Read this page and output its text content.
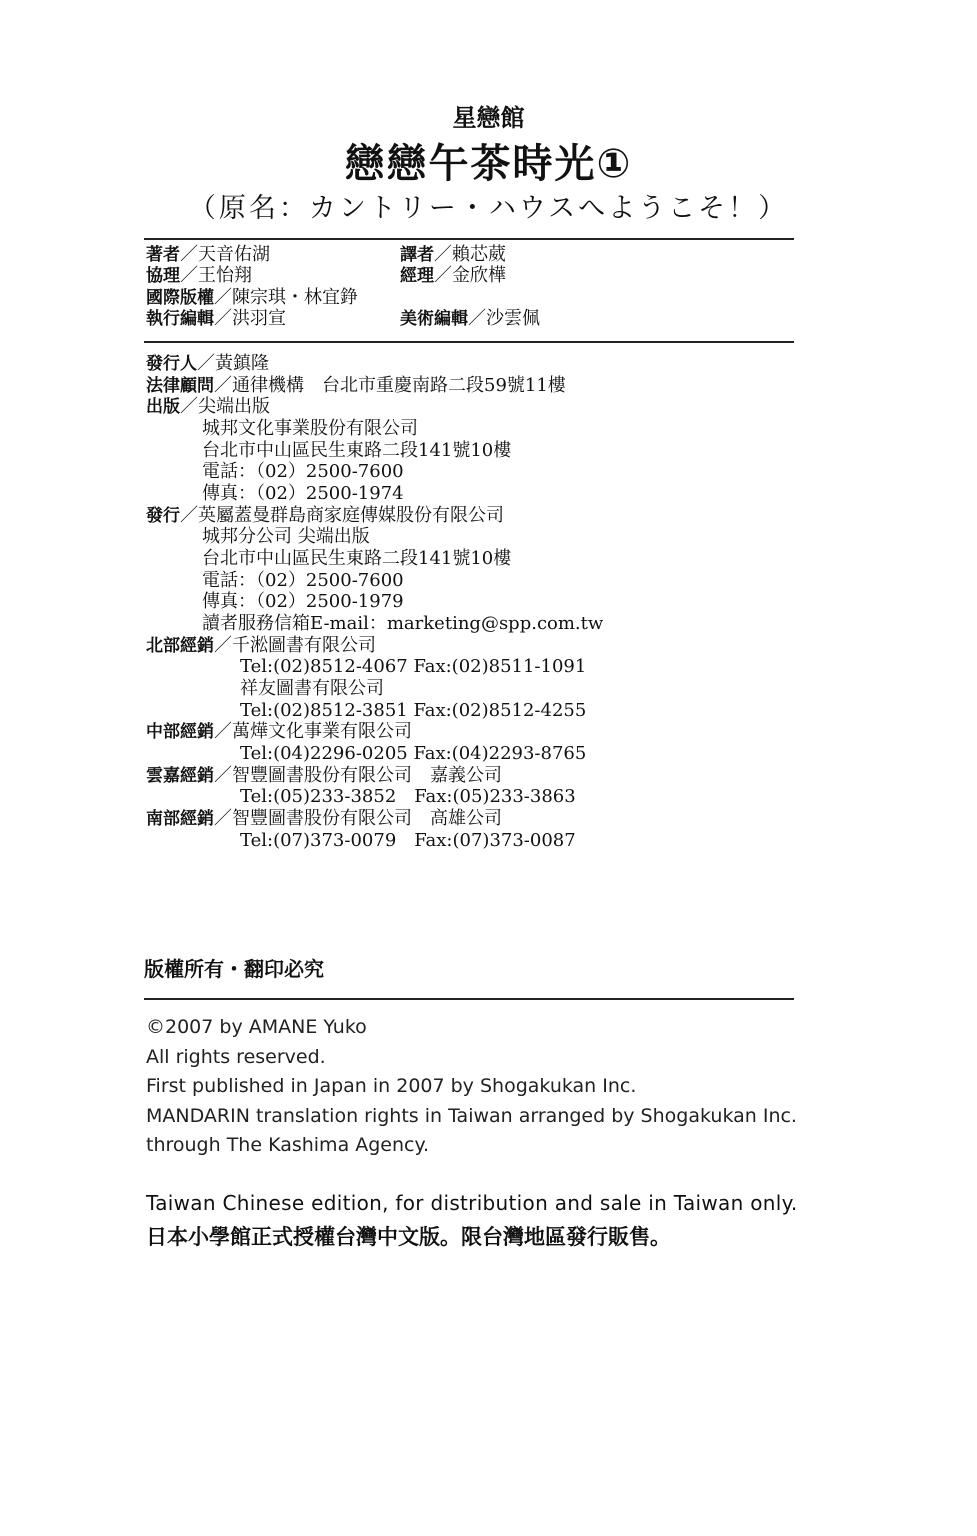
星戀館
戀戀午茶時光①
（原名：カントリー・ハウスへようこそ！）
著者／天音佑湖	譯者／賴芯葳
協理／王怡翔	經理／金欣樺
國際版權／陳宗琪・林宜錚
執行編輯／洪羽宣	美術編輯／沙雲佩
發行人／黃鎮隆
法律顧問／通律機構　台北市重慶南路二段59號11樓
出版／尖端出版
城邦文化事業股份有限公司
台北市中山區民生東路二段141號10樓
電話：（02）2500-7600
傳真：（02）2500-1974
發行／英屬蓋曼群島商家庭傳媒股份有限公司
城邦分公司 尖端出版
台北市中山區民生東路二段141號10樓
電話：（02）2500-7600
傳真：（02）2500-1979
讀者服務信箱E-mail：marketing@spp.com.tw
北部經銷／千淞圖書有限公司
Tel:(02)8512-4067 Fax:(02)8511-1091
祥友圖書有限公司
Tel:(02)8512-3851 Fax:(02)8512-4255
中部經銷／萬燁文化事業有限公司
Tel:(04)2296-0205 Fax:(04)2293-8765
雲嘉經銷／智豐圖書股份有限公司　嘉義公司
Tel:(05)233-3852　Fax:(05)233-3863
南部經銷／智豐圖書股份有限公司　高雄公司
Tel:(07)373-0079　Fax:(07)373-0087
版權所有・翻印必究
©2007 by AMANE Yuko
All rights reserved.
First published in Japan in 2007 by Shogakukan Inc.
MANDARIN translation rights in Taiwan arranged by Shogakukan Inc.
through The Kashima Agency.
Taiwan Chinese edition, for distribution and sale in Taiwan only.
日本小學館正式授權台灣中文版。限台灣地區發行販售。
